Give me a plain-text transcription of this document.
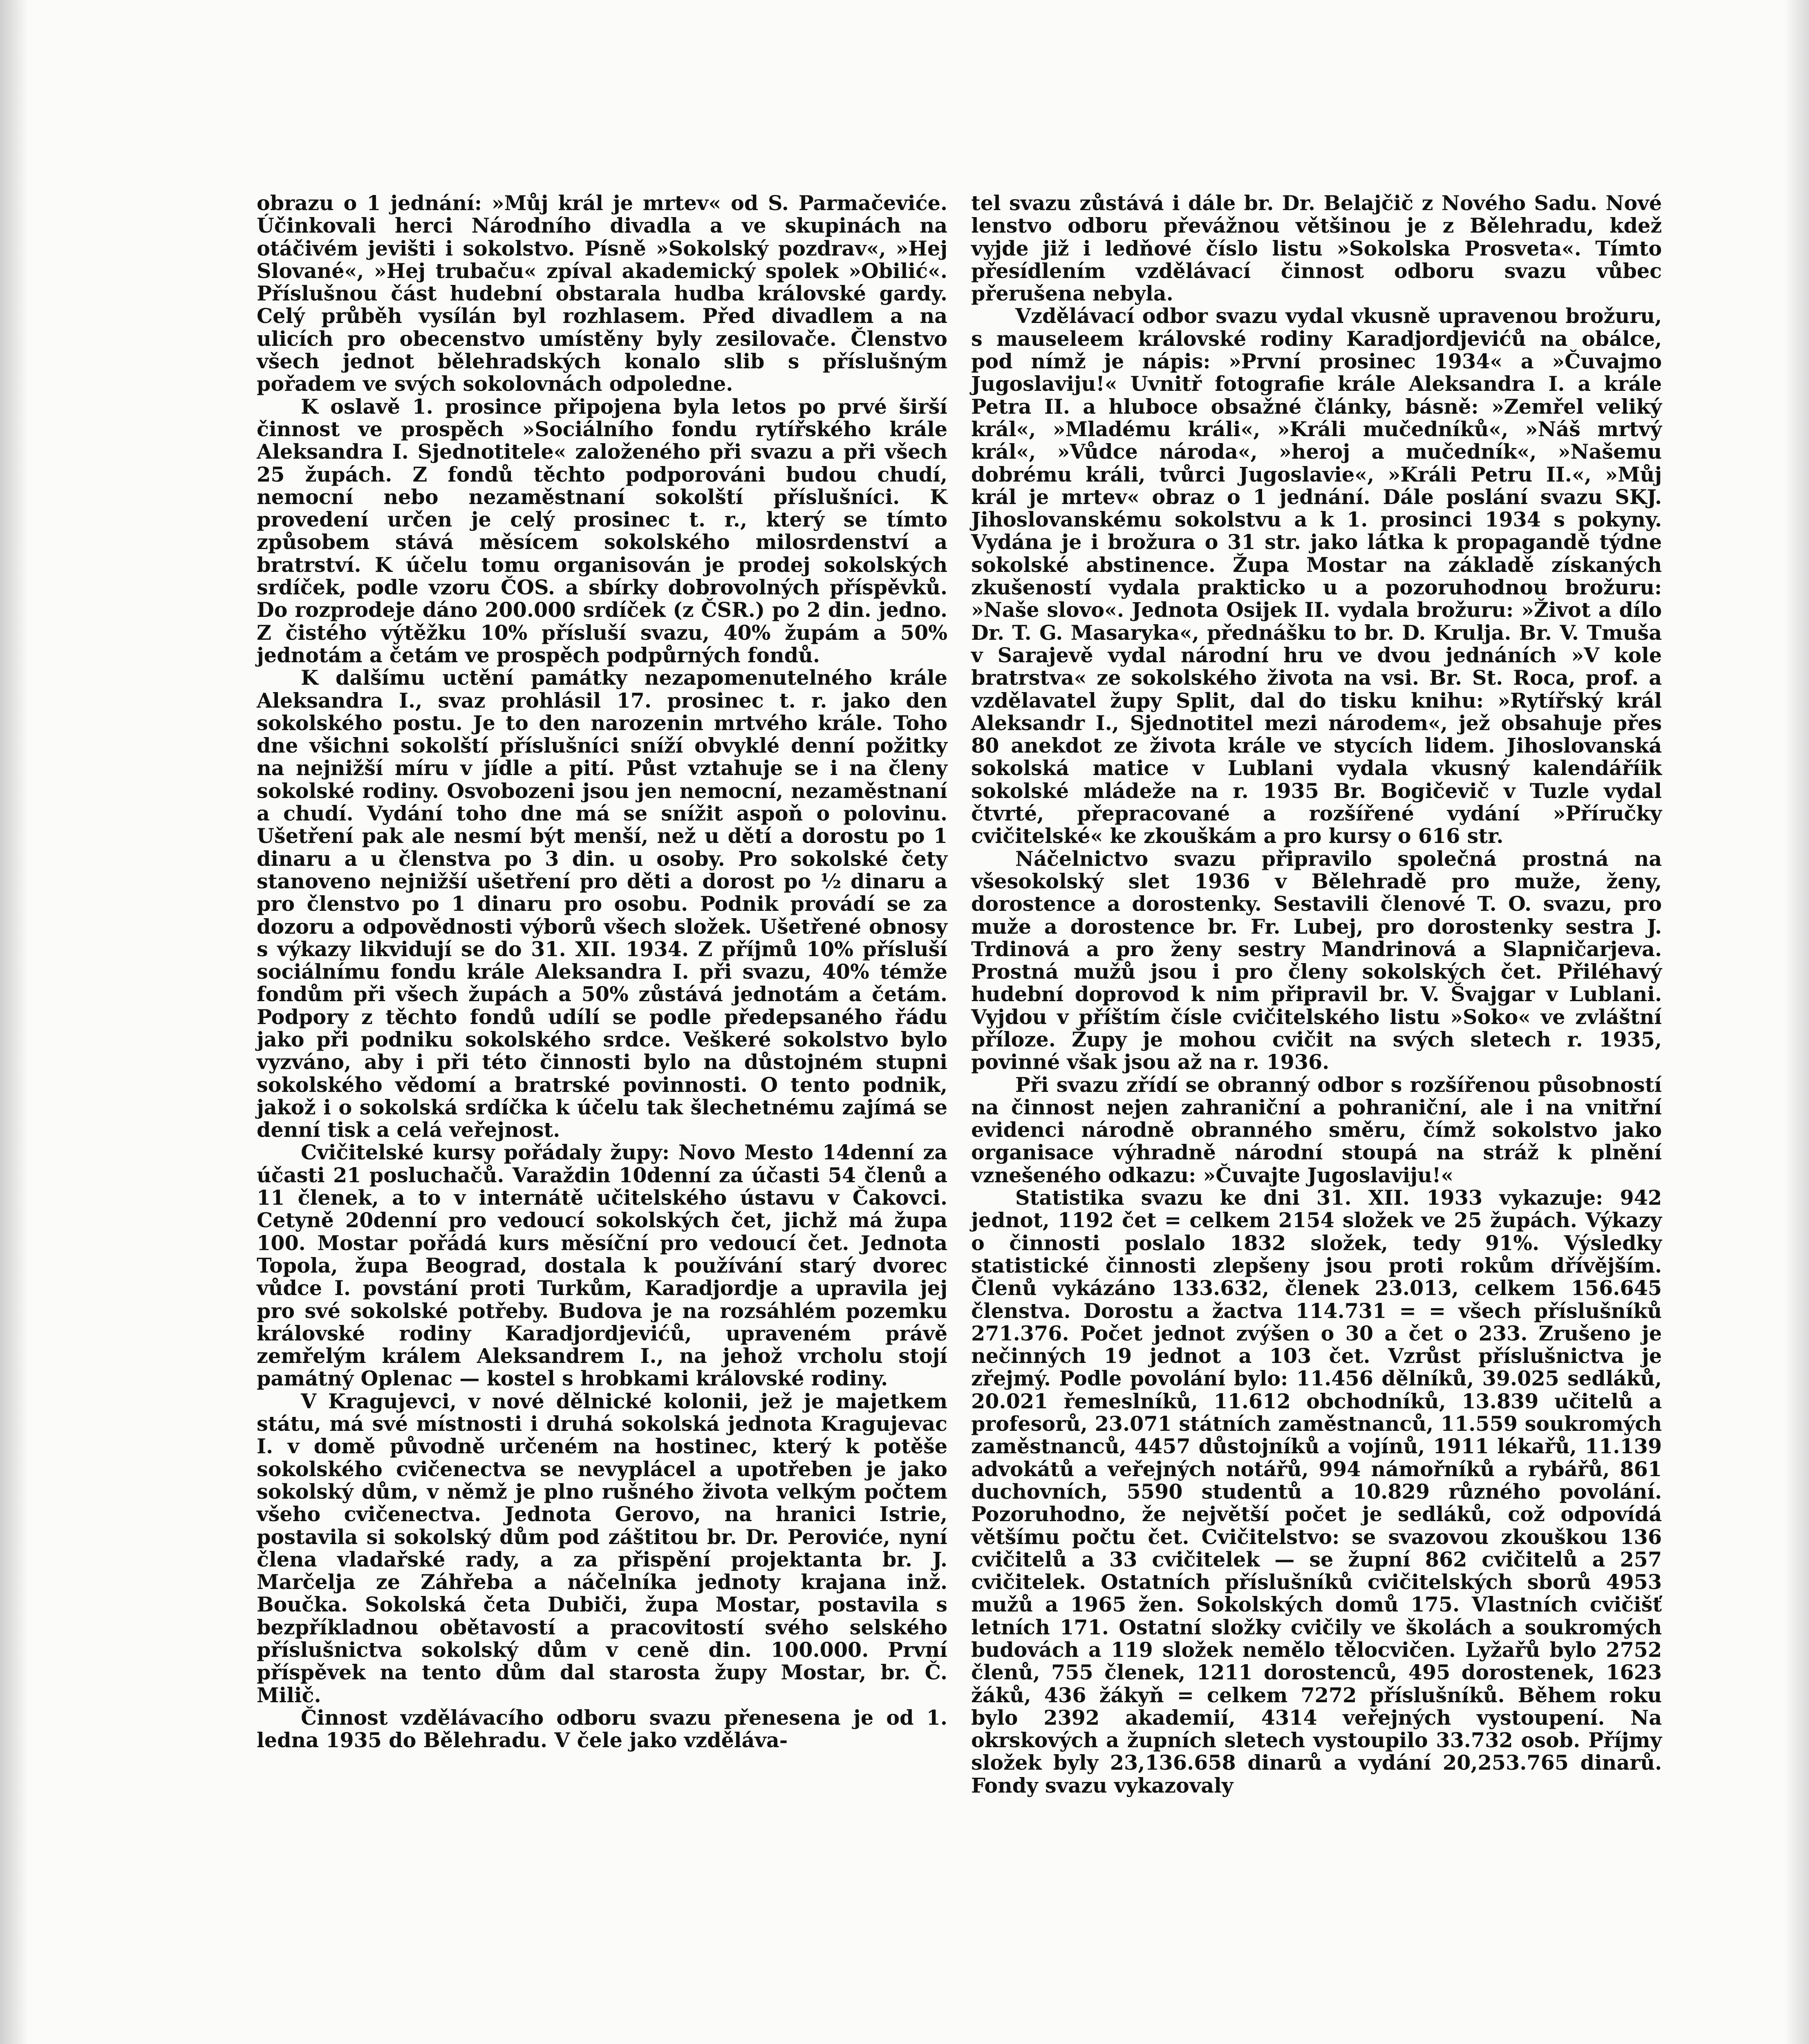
obrazu o 1 jednání: »Můj král je mrtev« od S. Parmačeviće. Účinkovali herci Národního divadla a ve skupinách na otáčivém jevišti i sokolstvo. Písně »Sokolský pozdrav«, »Hej Slované«, »Hej trubaču« zpíval akademický spolek »Obilić«. Příslušnou část hudební obstarala hudba královské gardy. Celý průběh vysílán byl rozhlasem. Před divadlem a na ulicích pro obecenstvo umístěny byly zesilovače. Členstvo všech jednot bělehradských konalo slib s příslušným pořadem ve svých sokolovnách odpoledne.

K oslavě 1. prosince připojena byla letos po prvé širší činnost ve prospěch »Sociálního fondu rytířského krále Aleksandra I. Sjednotitele« založeného při svazu a při všech 25 župách. Z fondů těchto podporováni budou chudí, nemocní nebo nezaměstnaní sokolští příslušníci. K provedení určen je celý prosinec t. r., který se tímto způsobem stává měsícem sokolského milosrdenství a bratrství. K účelu tomu organisován je prodej sokolských srdíček, podle vzoru ČOS. a sbírky dobrovolných příspěvků. Do rozprodeje dáno 200.000 srdíček (z ČSR.) po 2 din. jedno. Z čistého výtěžku 10% přísluší svazu, 40% župám a 50% jednotám a četám ve prospěch podpůrných fondů.

K dalšímu uctění památky nezapomenutelného krále Aleksandra I., svaz prohlásil 17. prosinec t. r. jako den sokolského postu. Je to den narozenin mrtvého krále. Toho dne všichni sokolští příslušníci sníží obvyklé denní požitky na nejnižší míru v jídle a pití. Půst vztahuje se i na členy sokolské rodiny. Osvobozeni jsou jen nemocní, nezaměstnaní a chudí. Vydání toho dne má se snížit aspoň o polovinu. Ušetření pak ale nesmí být menší, než u dětí a dorostu po 1 dinaru a u členstva po 3 din. u osoby. Pro sokolské čety stanoveno nejnižší ušetření pro děti a dorost po ½ dinaru a pro členstvo po 1 dinaru pro osobu. Podnik provádí se za dozoru a odpovědnosti výborů všech složek. Ušetřené obnosy s výkazy likvidují se do 31. XII. 1934. Z příjmů 10% přísluší sociálnímu fondu krále Aleksandra I. při svazu, 40% témže fondům při všech župách a 50% zůstává jednotám a četám. Podpory z těchto fondů udílí se podle předepsaného řádu jako při podniku sokolského srdce. Veškeré sokolstvo bylo vyzváno, aby i při této činnosti bylo na důstojném stupni sokolského vědomí a bratrské povinnosti. O tento podnik, jakož i o sokolská srdíčka k účelu tak šlechetnému zajímá se denní tisk a celá veřejnost.

Cvičitelské kursy pořádaly župy: Novo Mesto 14denní za účasti 21 posluchačů. Varaždin 10denní za účasti 54 členů a 11 členek, a to v internátě učitelského ústavu v Čakovci. Cetyně 20denní pro vedoucí sokolských čet, jichž má župa 100. Mostar pořádá kurs měsíční pro vedoucí čet. Jednota Topola, župa Beograd, dostala k používání starý dvorec vůdce I. povstání proti Turkům, Karadjordje a upravila jej pro své sokolské potřeby. Budova je na rozsáhlém pozemku královské rodiny Karadjordjevićů, upraveném právě zemřelým králem Aleksandrem I., na jehož vrcholu stojí památný Oplenac — kostel s hrobkami královské rodiny.

V Kragujevci, v nové dělnické kolonii, jež je majetkem státu, má své místnosti i druhá sokolská jednota Kragujevac I. v domě původně určeném na hostinec, který k potěše sokolského cvičenectva se nevyplácel a upotřeben je jako sokolský dům, v němž je plno rušného života velkým počtem všeho cvičenectva. Jednota Gerovo, na hranici Istrie, postavila si sokolský dům pod záštitou br. Dr. Peroviće, nyní člena vladařské rady, a za přispění projektanta br. J. Marčelja ze Záhřeba a náčelníka jednoty krajana inž. Boučka. Sokolská četa Dubiči, župa Mostar, postavila s bezpříkladnou obětavostí a pracovitostí svého selského příslušnictva sokolský dům v ceně din. 100.000. První příspěvek na tento dům dal starosta župy Mostar, br. Č. Milič.

Činnost vzdělávacího odboru svazu přenesena je od 1. ledna 1935 do Bělehradu. V čele jako vzděláva-

tel svazu zůstává i dále br. Dr. Belajčič z Nového Sadu. Nové lenstvo odboru převážnou většinou je z Bělehradu, kdež vyjde již i ledňové číslo listu »Sokolska Prosveta«. Tímto přesídlením vzdělávací činnost odboru svazu vůbec přerušena nebyla.

Vzdělávací odbor svazu vydal vkusně upravenou brožuru, s mauseleem královské rodiny Karadjordjevićů na obálce, pod nímž je nápis: »První prosinec 1934« a »Čuvajmo Jugoslaviju!« Uvnitř fotografie krále Aleksandra I. a krále Petra II. a hluboce obsažné články, básně: »Zemřel veliký král«, »Mladému králi«, »Králi mučedníků«, »Náš mrtvý král«, »Vůdce národa«, »heroj a mučedník«, »Našemu dobrému králi, tvůrci Jugoslavie«, »Králi Petru II.«, »Můj král je mrtev« obraz o 1 jednání. Dále poslání svazu SKJ. Jihoslovanskému sokolstvu a k 1. prosinci 1934 s pokyny. Vydána je i brožura o 31 str. jako látka k propagandě týdne sokolské abstinence. Župa Mostar na základě získaných zkušeností vydala prakticko u a pozoruhodnou brožuru: »Naše slovo«. Jednota Osijek II. vydala brožuru: »Život a dílo Dr. T. G. Masaryka«, přednášku to br. D. Krulja. Br. V. Tmuša v Sarajevě vydal národní hru ve dvou jednáních »V kole bratrstva« ze sokolského života na vsi. Br. St. Roca, prof. a vzdělavatel župy Split, dal do tisku knihu: »Rytířský král Aleksandr I., Sjednotitel mezi národem«, jež obsahuje přes 80 anekdot ze života krále ve stycích lidem. Jihoslovanská sokolská matice v Lublani vydala vkusný kalendáříik sokolské mládeže na r. 1935 Br. Bogičevič v Tuzle vydal čtvrté, přepracované a rozšířené vydání »Příručky cvičitelské« ke zkouškám a pro kursy o 616 str.

Náčelnictvo svazu připravilo společná prostná na všesokolský slet 1936 v Bělehradě pro muže, ženy, dorostence a dorostenky. Sestavili členové T. O. svazu, pro muže a dorostence br. Fr. Lubej, pro dorostenky sestra J. Trdinová a pro ženy sestry Mandrinová a Slapničarjeva. Prostná mužů jsou i pro členy sokolských čet. Přiléhavý hudební doprovod k nim připravil br. V. Švajgar v Lublani. Vyjdou v příštím čísle cvičitelského listu »Soko« ve zvláštní příloze. Župy je mohou cvičit na svých sletech r. 1935, povinné však jsou až na r. 1936.

Při svazu zřídí se obranný odbor s rozšířenou působností na činnost nejen zahraniční a pohraniční, ale i na vnitřní evidenci národně obranného směru, čímž sokolstvo jako organisace výhradně národní stoupá na stráž k plnění vznešeného odkazu: »Čuvajte Jugoslaviju!«

Statistika svazu ke dni 31. XII. 1933 vykazuje: 942 jednot, 1192 čet = celkem 2154 složek ve 25 župách. Výkazy o činnosti poslalo 1832 složek, tedy 91%. Výsledky statistické činnosti zlepšeny jsou proti rokům dřívějším. Členů vykázáno 133.632, členek 23.013, celkem 156.645 členstva. Dorostu a žactva 114.731 = = všech příslušníků 271.376. Počet jednot zvýšen o 30 a čet o 233. Zrušeno je nečinných 19 jednot a 103 čet. Vzrůst příslušnictva je zřejmý. Podle povolání bylo: 11.456 dělníků, 39.025 sedláků, 20.021 řemeslníků, 11.612 obchodníků, 13.839 učitelů a profesorů, 23.071 státních zaměstnanců, 11.559 soukromých zaměstnanců, 4457 důstojníků a vojínů, 1911 lékařů, 11.139 advokátů a veřejných notářů, 994 námořníků a rybářů, 861 duchovních, 5590 studentů a 10.829 různého povolání. Pozoruhodno, že největší počet je sedláků, což odpovídá většímu počtu čet. Cvičitelstvo: se svazovou zkouškou 136 cvičitelů a 33 cvičitelek — se župní 862 cvičitelů a 257 cvičitelek. Ostatních příslušníků cvičitelských sborů 4953 mužů a 1965 žen. Sokolských domů 175. Vlastních cvičišť letních 171. Ostatní složky cvičily ve školách a soukromých budovách a 119 složek nemělo tělocvičen. Lyžařů bylo 2752 členů, 755 členek, 1211 dorostenců, 495 dorostenek, 1623 žáků, 436 žákyň = celkem 7272 příslušníků. Během roku bylo 2392 akademií, 4314 veřejných vystoupení. Na okrskových a župních sletech vystoupilo 33.732 osob. Příjmy složek byly 23,136.658 dinarů a vydání 20,253.765 dinarů. Fondy svazu vykazovaly
